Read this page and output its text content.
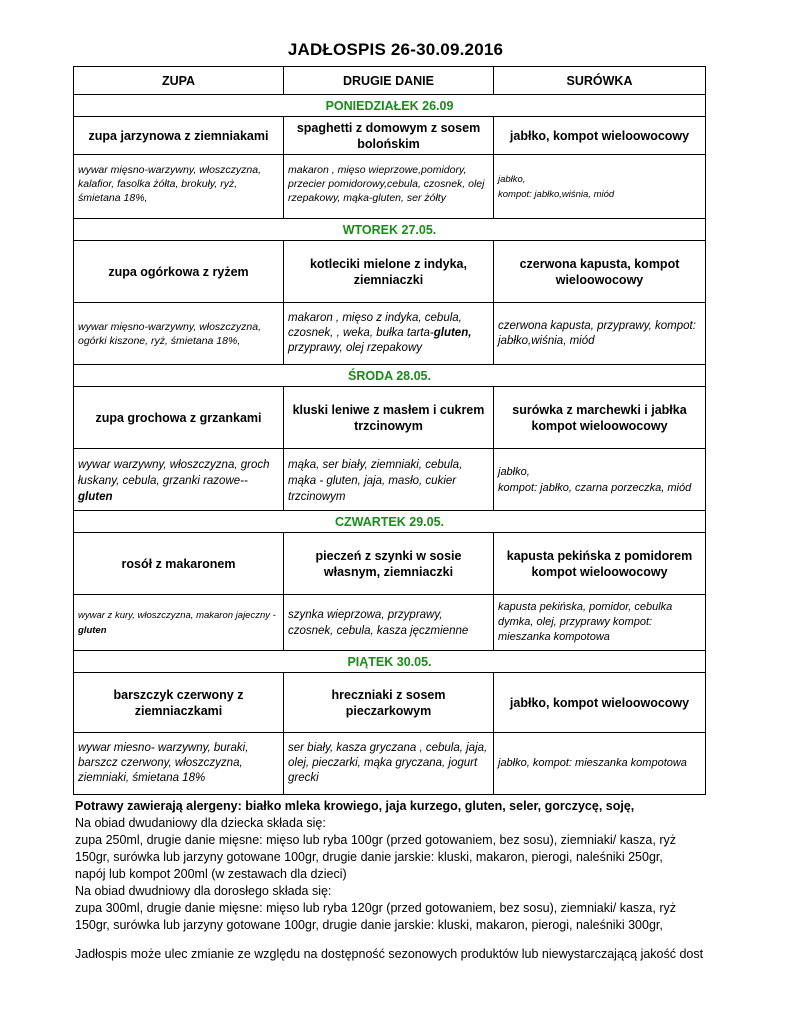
JADŁOSPIS 26-30.09.2016
ZUPA	DRUGIE DANIE	SURÓWKA
PONIEDZIAŁEK 26.09		
zupa jarzynowa z ziemniakami	spaghetti z domowym z sosem bolońskim	jabłko, kompot wieloowocowy
wywar mięsno-warzywny, włoszczyzna, kalafior, fasolka żółta, brokuły, ryż, śmietana 18%,	makaron , mięso wieprzowe,pomidory, przecier pomidorowy,cebula, czosnek, olej rzepakowy, mąka-gluten, ser żółty	jabłko,
kompot: jabłko,wiśnia, miód
WTOREK 27.05.		
zupa ogórkowa z ryżem	kotleciki mielone z indyka, ziemniaczki	czerwona kapusta, kompot wieloowocowy
wywar mięsno-warzywny, włoszczyzna, ogórki kiszone, ryż, śmietana 18%,	makaron , mięso z indyka, cebula, czosnek, , weka, bułka tarta-gluten, przyprawy, olej rzepakowy	czerwona kapusta, przyprawy, kompot: jabłko,wiśnia, miód
ŚRODA 28.05.		
zupa grochowa z grzankami	kluski leniwe z masłem i cukrem trzcinowym	surówka z marchewki i jabłka kompot wieloowocowy
wywar warzywny, włoszczyzna, groch łuskany, cebula, grzanki razowe-- gluten	mąka, ser biały, ziemniaki, cebula, mąka - gluten, jaja, masło, cukier trzcinowym	jabłko,
kompot: jabłko, czarna porzeczka, miód
CZWARTEK 29.05.		
rosół z makaronem	pieczeń z szynki w sosie własnym, ziemniaczki	kapusta pekińska z pomidorem kompot wieloowocowy
wywar z kury, włoszczyzna, makaron jajeczny -gluten	szynka wieprzowa, przyprawy, czosnek, cebula, kasza jęczmienne	kapusta pekińska, pomidor, cebulka dymka, olej, przyprawy kompot: mieszanka kompotowa
PIĄTEK 30.05.		
barszczyk czerwony z ziemniaczkami	hreczniaki z sosem pieczarkowym	jabłko, kompot wieloowocowy
wywar miesno- warzywny, buraki, barszcz czerwony, włoszczyzna, ziemniaki, śmietana 18%	ser biały, kasza gryczana , cebula, jaja, olej, pieczarki, mąka gryczana, jogurt grecki	jabłko, kompot: mieszanka kompotowa

Potrawy zawierają alergeny: białko mleka krowiego, jaja kurzego, gluten, seler, gorczycę, soję,

Na obiad dwudaniowy dla dziecka składa się:

zupa 250ml, drugie danie mięsne: mięso lub ryba 100gr (przed gotowaniem, bez sosu), ziemniaki/ kasza, ryż

150gr, surówka lub jarzyny gotowane 100gr, drugie danie jarskie: kluski, makaron, pierogi, naleśniki 250gr,

napój lub kompot 200ml (w zestawach dla dzieci)

Na obiad dwudniowy dla dorosłego składa się:

zupa 300ml, drugie danie mięsne: mięso lub ryba 120gr (przed gotowaniem, bez sosu), ziemniaki/ kasza, ryż

150gr, surówka lub jarzyny gotowane 100gr, drugie danie jarskie: kluski, makaron, pierogi, naleśniki 300gr,

Jadłospis może ulec zmianie ze względu na dostępność sezonowych produktów lub niewystarczającą jakość dost
